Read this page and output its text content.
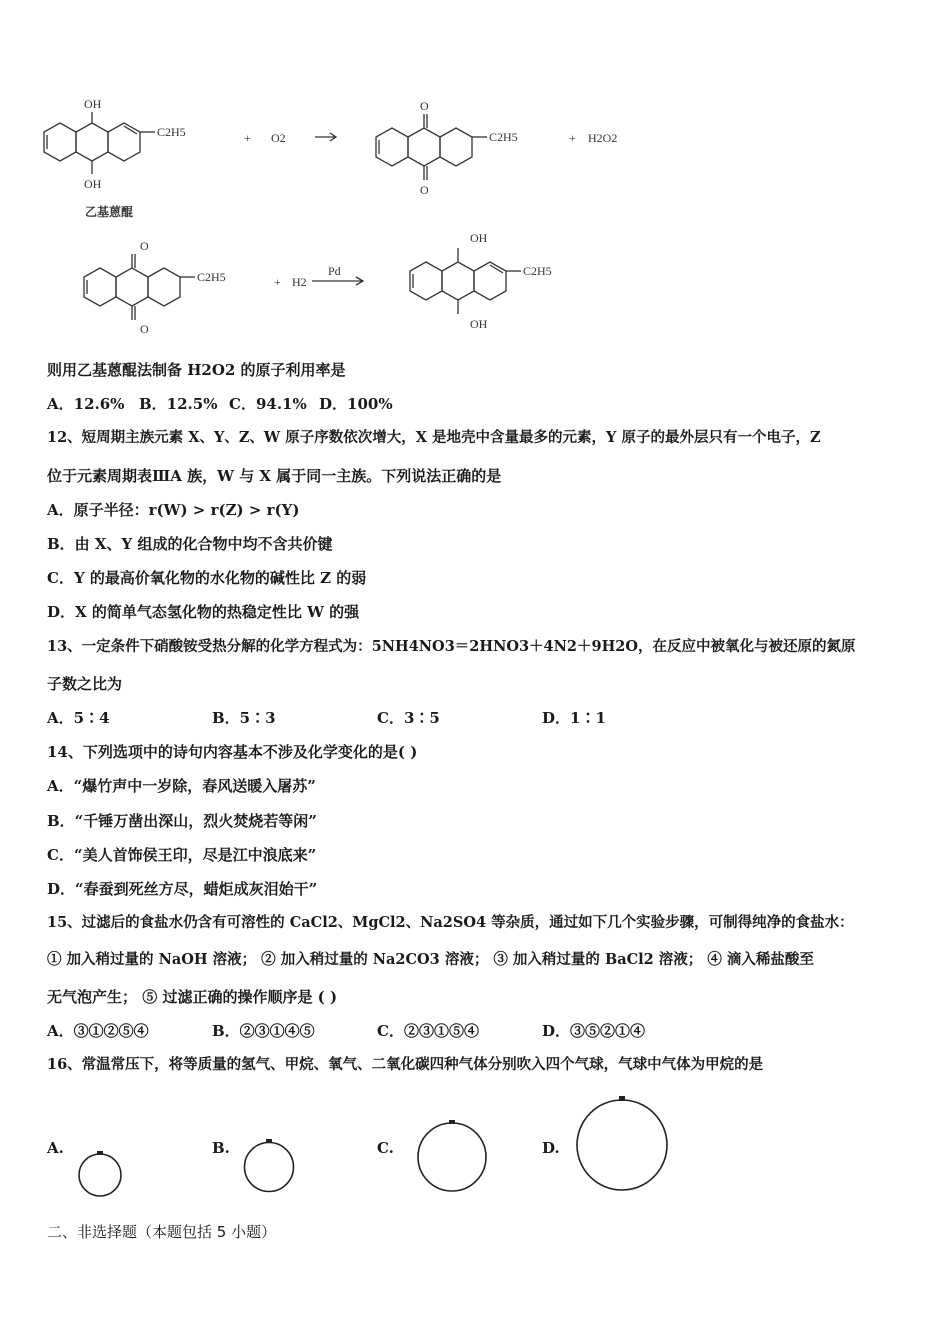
OH
OH
C2H5	+ O2
O
O
C2H5	+ H2O2
O
O
C2H5	+ H2
Pd
OH
OH
C2H5
乙基蒽醌
则用乙基蒽醌法制备 H2O2 的原子利用率是
A．12.6% B．12.5% C．94.1% D．100%
12、短周期主族元素 X、Y、Z、W 原子序数依次增大，X 是地壳中含量最多的元素，Y 原子的最外层只有一个电子，Z
位于元素周期表ⅢA 族，W 与 X 属于同一主族。下列说法正确的是
A．原子半径：r(W) > r(Z) > r(Y)
B．由 X、Y 组成的化合物中均不含共价键
C．Y 的最高价氧化物的水化物的碱性比 Z 的弱
D．X 的简单气态氢化物的热稳定性比 W 的强
13、一定条件下硝酸铵受热分解的化学方程式为：5NH4NO3＝2HNO3＋4N2＋9H2O，在反应中被氧化与被还原的氮原
子数之比为
A．5∶4	B．5∶3	C．3∶5	D．1∶1
14、下列选项中的诗句内容基本不涉及化学变化的是( )
A．“爆竹声中一岁除，春风送暖入屠苏”
B．“千锤万凿出深山，烈火焚烧若等闲”
C．“美人首饰侯王印，尽是江中浪底来”
D．“春蚕到死丝方尽，蜡炬成灰泪始干”
15、过滤后的食盐水仍含有可溶性的 CaCl2、MgCl2、Na2SO4 等杂质，通过如下几个实验步骤，可制得纯净的食盐水：
① 加入稍过量的 NaOH 溶液； ② 加入稍过量的 Na2CO3 溶液； ③ 加入稍过量的 BaCl2 溶液； ④ 滴入稀盐酸至
无气泡产生； ⑤ 过滤正确的操作顺序是 ( )
A．③①②⑤④	B．②③①④⑤	C．②③①⑤④	D．③⑤②①④
16、常温常压下，将等质量的氢气、甲烷、氧气、二氧化碳四种气体分别吹入四个气球，气球中气体为甲烷的是
A.	B.	C.	D.
二、非选择题（本题包括 5 小题）
